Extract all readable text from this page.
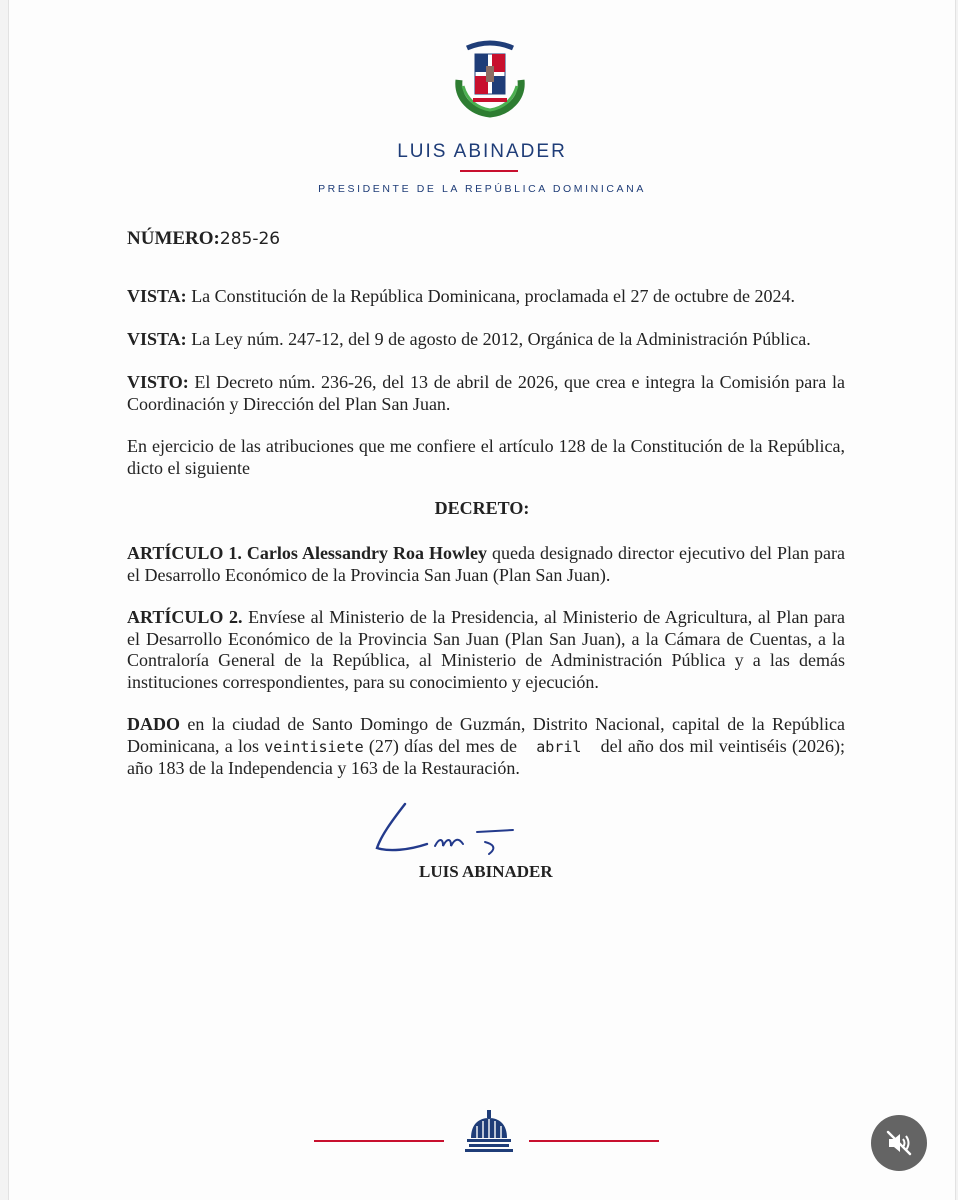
LUIS ABINADER
PRESIDENTE DE LA REPÚBLICA DOMINICANA
NÚMERO:285-26
VISTA: La Constitución de la República Dominicana, proclamada el 27 de octubre de 2024.
VISTA: La Ley núm. 247-12, del 9 de agosto de 2012, Orgánica de la Administración Pública.
VISTO: El Decreto núm. 236-26, del 13 de abril de 2026, que crea e integra la Comisión para la Coordinación y Dirección del Plan San Juan.
En ejercicio de las atribuciones que me confiere el artículo 128 de la Constitución de la República, dicto el siguiente
DECRETO:
ARTÍCULO 1. Carlos Alessandry Roa Howley queda designado director ejecutivo del Plan para el Desarrollo Económico de la Provincia San Juan (Plan San Juan).
ARTÍCULO 2. Envíese al Ministerio de la Presidencia, al Ministerio de Agricultura, al Plan para el Desarrollo Económico de la Provincia San Juan (Plan San Juan), a la Cámara de Cuentas, a la Contraloría General de la República, al Ministerio de Administración Pública y a las demás instituciones correspondientes, para su conocimiento y ejecución.
DADO en la ciudad de Santo Domingo de Guzmán, Distrito Nacional, capital de la República Dominicana, a los veintisiete (27) días del mes de abril del año dos mil veintiséis (2026); año 183 de la Independencia y 163 de la Restauración.
LUIS ABINADER
